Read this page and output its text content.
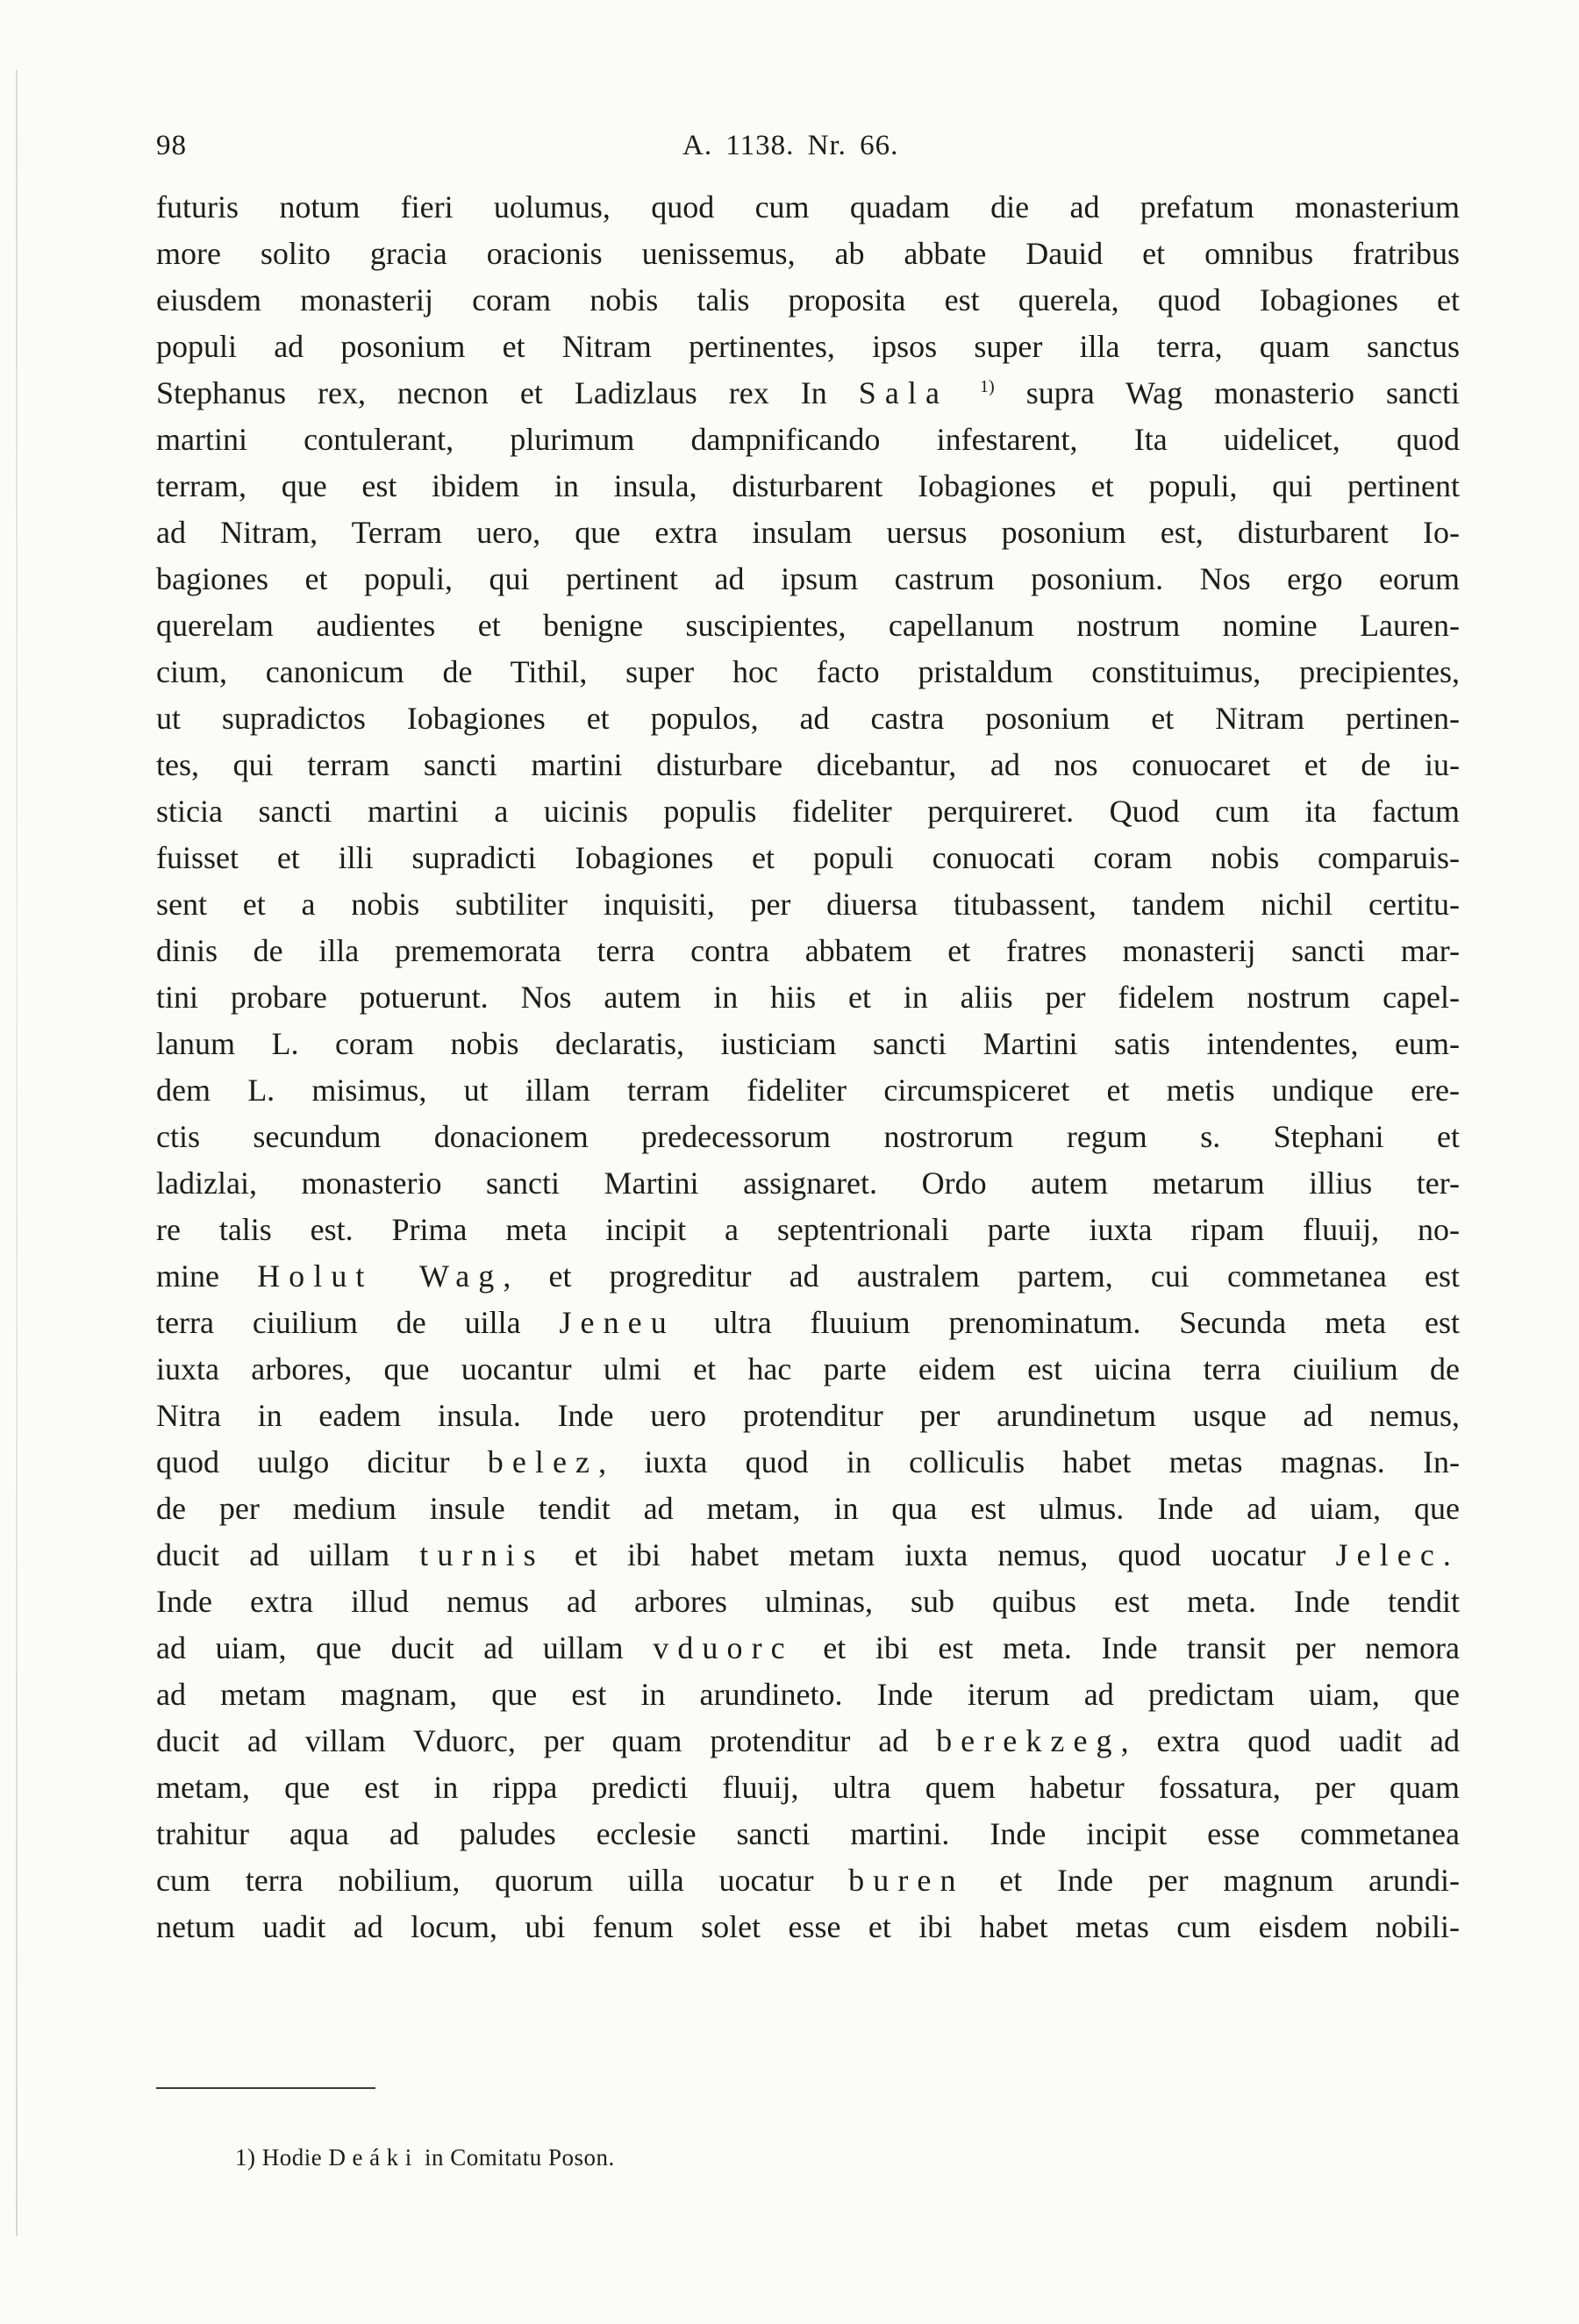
98	A. 1138. Nr. 66.
futuris notum fieri uolumus, quod cum quadam die ad prefatum monasterium
more solito gracia oracionis uenissemus, ab abbate Dauid et omnibus fratribus
eiusdem monasterij coram nobis talis proposita est querela, quod Iobagiones et
populi ad posonium et Nitram pertinentes, ipsos super illa terra, quam sanctus
Stephanus rex, necnon et Ladizlaus rex In Sala $^{1)}$ supra Wag monasterio sancti
martini contulerant, plurimum dampnificando infestarent, Ita uidelicet, quod
terram, que est ibidem in insula, disturbarent Iobagiones et populi, qui pertinent
ad Nitram, Terram uero, que extra insulam uersus posonium est, disturbarent Io-
bagiones et populi, qui pertinent ad ipsum castrum posonium. Nos ergo eorum
querelam audientes et benigne suscipientes, capellanum nostrum nomine Lauren-
cium, canonicum de Tithil, super hoc facto pristaldum constituimus, precipientes,
ut supradictos Iobagiones et populos, ad castra posonium et Nitram pertinen-
tes, qui terram sancti martini disturbare dicebantur, ad nos conuocaret et de iu-
sticia sancti martini a uicinis populis fideliter perquireret. Quod cum ita factum
fuisset et illi supradicti Iobagiones et populi conuocati coram nobis comparuis-
sent et a nobis subtiliter inquisiti, per diuersa titubassent, tandem nichil certitu-
dinis de illa prememorata terra contra abbatem et fratres monasterij sancti mar-
tini probare potuerunt. Nos autem in hiis et in aliis per fidelem nostrum capel-
lanum L. coram nobis declaratis, iusticiam sancti Martini satis intendentes, eum-
dem L. misimus, ut illam terram fideliter circumspiceret et metis undique ere-
ctis secundum donacionem predecessorum nostrorum regum s. Stephani et
ladizlai, monasterio sancti Martini assignaret. Ordo autem metarum illius ter-
re talis est. Prima meta incipit a septentrionali parte iuxta ripam fluuij, no-
mine Holut Wag, et progreditur ad australem partem, cui commetanea est
terra ciuilium de uilla Jeneu ultra fluuium prenominatum. Secunda meta est
iuxta arbores, que uocantur ulmi et hac parte eidem est uicina terra ciuilium de
Nitra in eadem insula. Inde uero protenditur per arundinetum usque ad nemus,
quod uulgo dicitur belez, iuxta quod in colliculis habet metas magnas. In-
de per medium insule tendit ad metam, in qua est ulmus. Inde ad uiam, que
ducit ad uillam turnis et ibi habet metam iuxta nemus, quod uocatur Jelec.
Inde extra illud nemus ad arbores ulminas, sub quibus est meta. Inde tendit
ad uiam, que ducit ad uillam vduorc et ibi est meta. Inde transit per nemora
ad metam magnam, que est in arundineto. Inde iterum ad predictam uiam, que
ducit ad villam Vduorc, per quam protenditur ad berekzeg, extra quod uadit ad
metam, que est in rippa predicti fluuij, ultra quem habetur fossatura, per quam
trahitur aqua ad paludes ecclesie sancti martini. Inde incipit esse commetanea
cum terra nobilium, quorum uilla uocatur buren et Inde per magnum arundi-
netum uadit ad locum, ubi fenum solet esse et ibi habet metas cum eisdem nobili-
1) Hodie Deáki in Comitatu Poson.
